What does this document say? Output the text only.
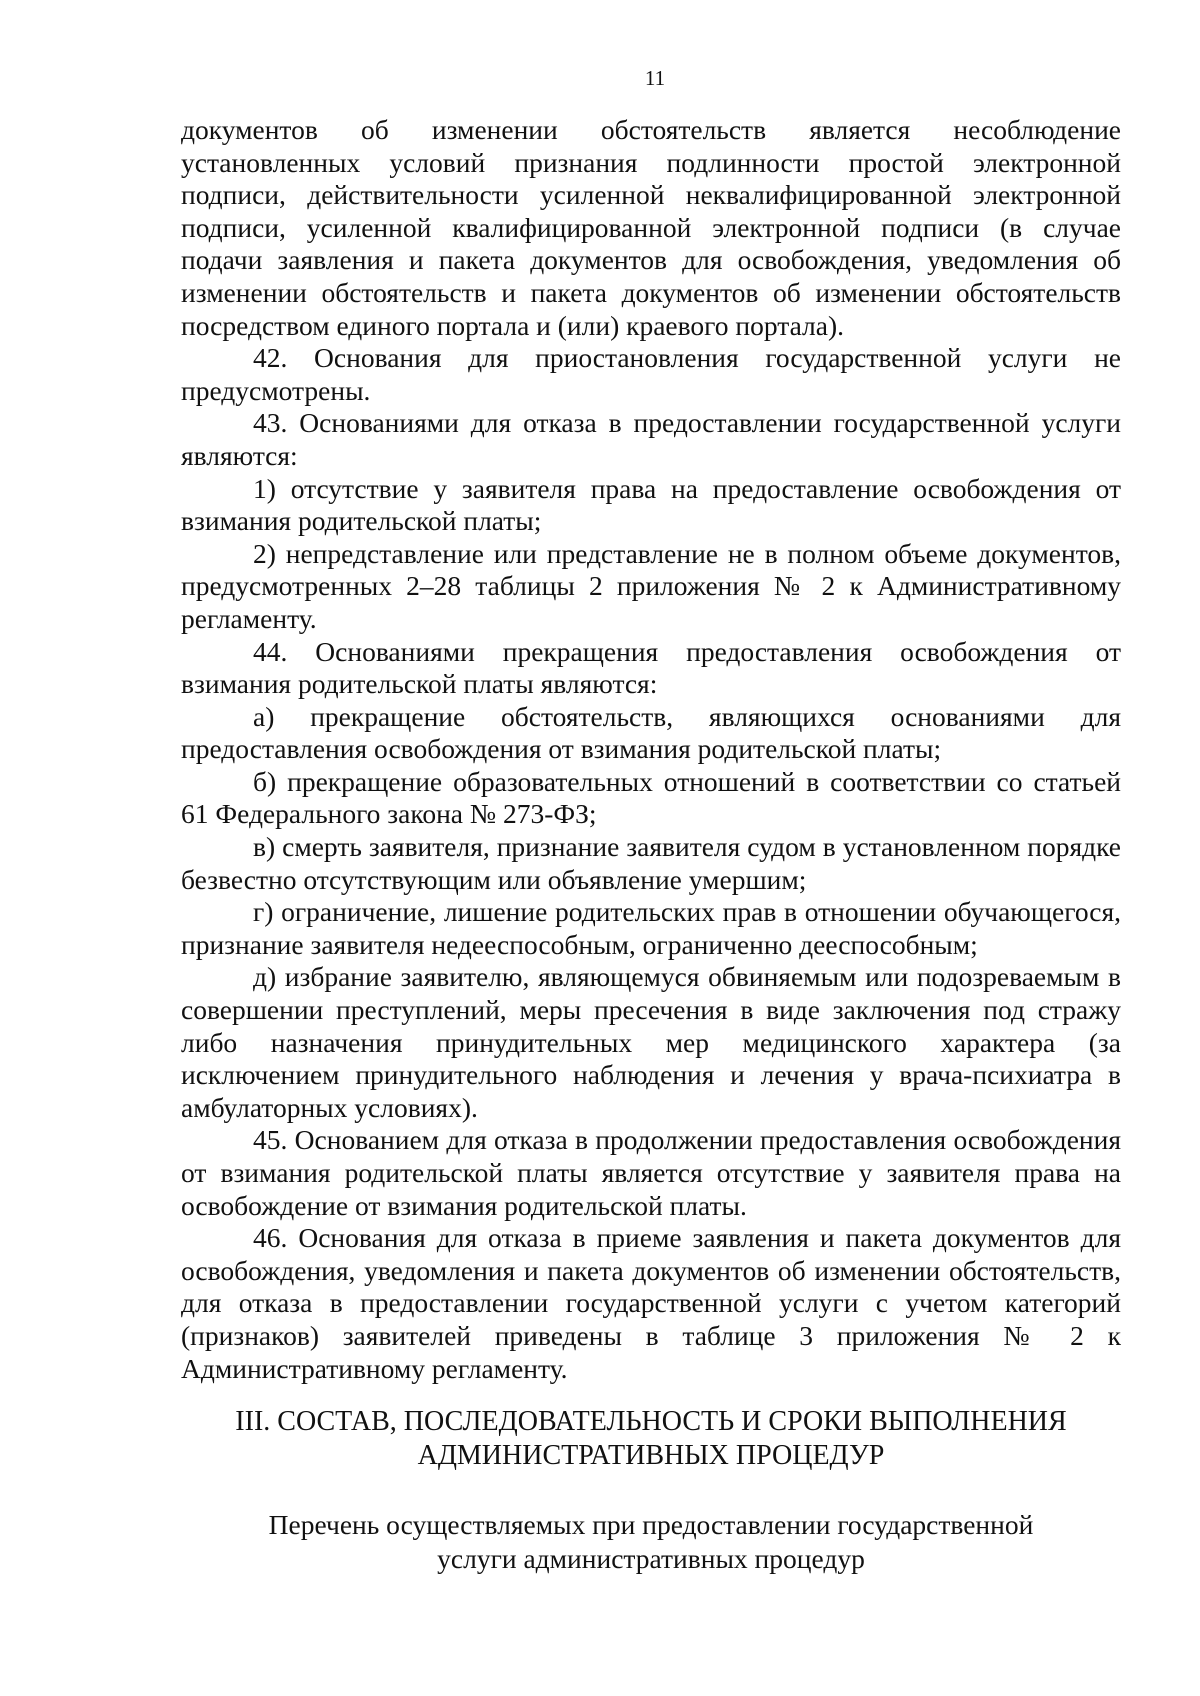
11

документов об изменении обстоятельств является несоблюдение установленных условий признания подлинности простой электронной подписи, действительности усиленной неквалифицированной электронной подписи, усиленной квалифицированной электронной подписи (в случае подачи заявления и пакета документов для освобождения, уведомления об изменении обстоятельств и пакета документов об изменении обстоятельств посредством единого портала и (или) краевого портала).

42. Основания для приостановления государственной услуги не предусмотрены.

43. Основаниями для отказа в предоставлении государственной услуги являются:

1) отсутствие у заявителя права на предоставление освобождения от взимания родительской платы;

2) непредставление или представление не в полном объеме документов, предусмотренных 2–28 таблицы 2 приложения № 2 к Административному регламенту.

44. Основаниями прекращения предоставления освобождения от взимания родительской платы являются:

а) прекращение обстоятельств, являющихся основаниями для предоставления освобождения от взимания родительской платы;

б) прекращение образовательных отношений в соответствии со статьей 61 Федерального закона № 273-ФЗ;

в) смерть заявителя, признание заявителя судом в установленном порядке безвестно отсутствующим или объявление умершим;

г) ограничение, лишение родительских прав в отношении обучающегося, признание заявителя недееспособным, ограниченно дееспособным;

д) избрание заявителю, являющемуся обвиняемым или подозреваемым в совершении преступлений, меры пресечения в виде заключения под стражу либо назначения принудительных мер медицинского характера (за исключением принудительного наблюдения и лечения у врача-психиатра в амбулаторных условиях).

45. Основанием для отказа в продолжении предоставления освобождения от взимания родительской платы является отсутствие у заявителя права на освобождение от взимания родительской платы.

46. Основания для отказа в приеме заявления и пакета документов для освобождения, уведомления и пакета документов об изменении обстоятельств, для отказа в предоставлении государственной услуги с учетом категорий (признаков) заявителей приведены в таблице 3 приложения № 2 к Административному регламенту.

III. СОСТАВ, ПОСЛЕДОВАТЕЛЬНОСТЬ И СРОКИ ВЫПОЛНЕНИЯ
АДМИНИСТРАТИВНЫХ ПРОЦЕДУР
Перечень осуществляемых при предоставлении государственной
услуги административных процедур
